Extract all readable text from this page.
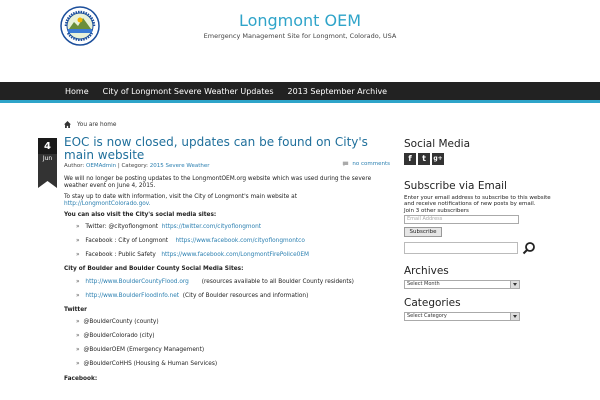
Longmont OEM
Emergency Management Site for Longmont, Colorado, USA
Home	City of Longmont Severe Weather Updates	2013 September Archive
You are home
4
Jun
EOC is now closed, updates can be found on City's main website
Author: OEMAdmin | Category: 2015 Severe Weather	no comments

We will no longer be posting updates to the LongmontOEM.org website which was used during the severe weather event on June 4, 2015.

To stay up to date with information, visit the City of Longmont's main website at
http://LongmontColorado.gov.

You can also visit the City's social media sites:

» Twitter: @cityoflongmont https://twitter.com/cityoflongmont
» Facebook : City of Longmont https://www.facebook.com/cityoflongmontco
» Facebook : Public Safety https://www.facebook.com/LongmontFirePolice0EM

City of Boulder and Boulder County Social Media Sites:

» http://www.BoulderCountyFlood.org (resources available to all Boulder County residents)
» http://www.BoulderFloodInfo.net (City of Boulder resources and information)

Twitter

» @BoulderCounty (county)
» @BoulderColorado (city)
» @BoulderOEM (Emergency Management)
» @BoulderCoHHS (Housing & Human Services)

Facebook:

Social Media
f	t	g+
Subscribe via Email
Enter your email address to subscribe to this website and receive notifications of new posts by email.
Join 3 other subscribers
Email Address
Subscribe
Archives
Select Month
Categories
Select Category
